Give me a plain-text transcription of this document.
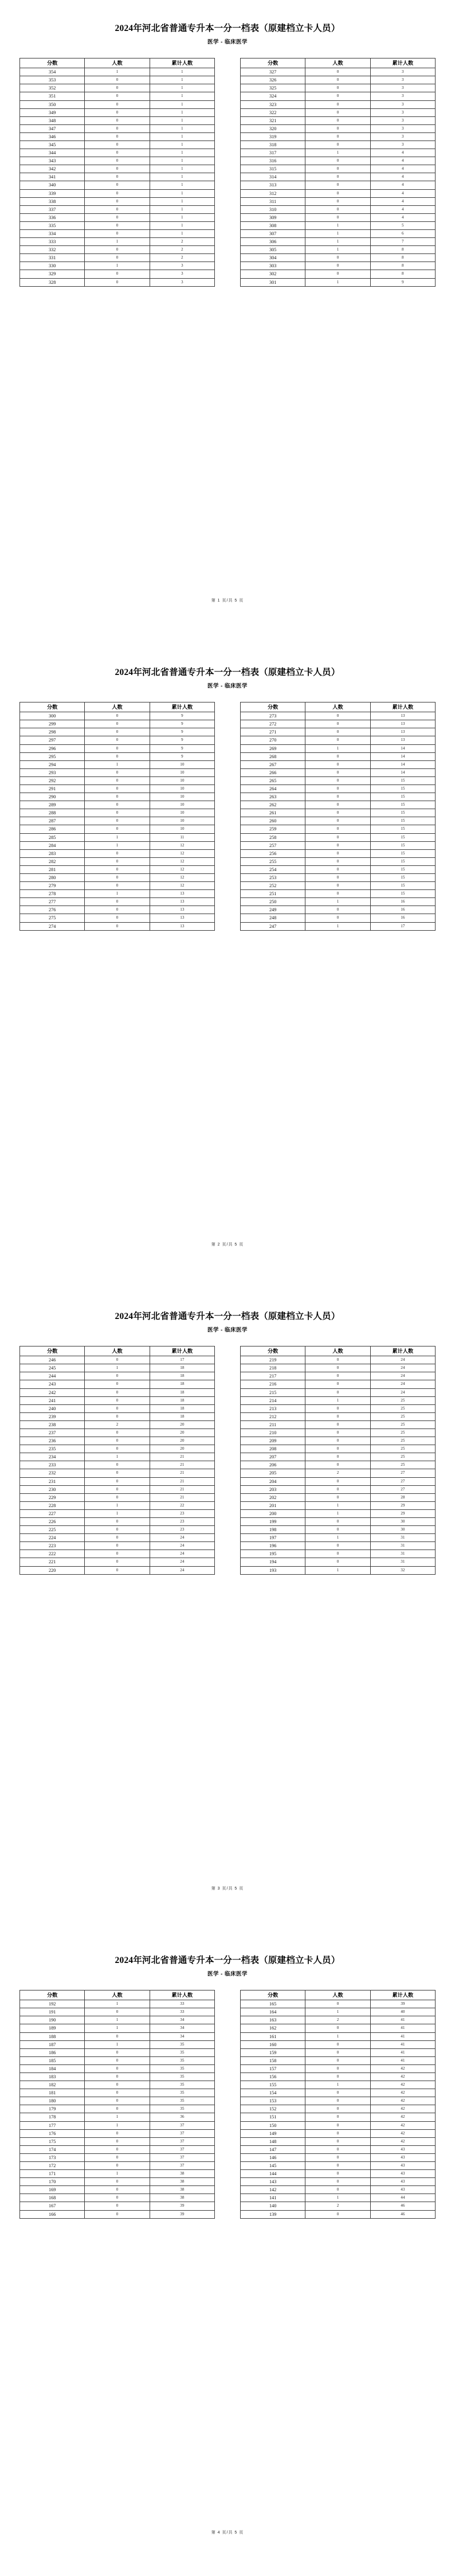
2024年河北省普通专升本一分一档表（原建档立卡人员）
医学 - 临床医学
分数	人数	累计人数
354	1	1
353	0	1
352	0	1
351	0	1
350	0	1
349	0	1
348	0	1
347	0	1
346	0	1
345	0	1
344	0	1
343	0	1
342	0	1
341	0	1
340	0	1
339	0	1
338	0	1
337	0	1
336	0	1
335	0	1
334	0	1
333	1	2
332	0	2
331	0	2
330	1	3
329	0	3
328	0	3
分数	人数	累计人数
327	0	3
326	0	3
325	0	3
324	0	3
323	0	3
322	0	3
321	0	3
320	0	3
319	0	3
318	0	3
317	1	4
316	0	4
315	0	4
314	0	4
313	0	4
312	0	4
311	0	4
310	0	4
309	0	4
308	1	5
307	1	6
306	1	7
305	1	8
304	0	8
303	0	8
302	0	8
301	1	9
第 1 页/共 5 页
2024年河北省普通专升本一分一档表（原建档立卡人员）
医学 - 临床医学
分数	人数	累计人数
300	0	9
299	0	9
298	0	9
297	0	9
296	0	9
295	0	9
294	1	10
293	0	10
292	0	10
291	0	10
290	0	10
289	0	10
288	0	10
287	0	10
286	0	10
285	1	11
284	1	12
283	0	12
282	0	12
281	0	12
280	0	12
279	0	12
278	1	13
277	0	13
276	0	13
275	0	13
274	0	13
分数	人数	累计人数
273	0	13
272	0	13
271	0	13
270	0	13
269	1	14
268	0	14
267	0	14
266	0	14
265	0	15
264	0	15
263	0	15
262	0	15
261	0	15
260	0	15
259	0	15
258	0	15
257	0	15
256	0	15
255	0	15
254	0	15
253	0	15
252	0	15
251	0	15
250	1	16
249	0	16
248	0	16
247	1	17
第 2 页/共 5 页
2024年河北省普通专升本一分一档表（原建档立卡人员）
医学 - 临床医学
分数	人数	累计人数
246	0	17
245	1	18
244	0	18
243	0	18
242	0	18
241	0	18
240	0	18
239	0	18
238	2	20
237	0	20
236	0	20
235	0	20
234	1	21
233	0	21
232	0	21
231	0	21
230	0	21
229	0	21
228	1	22
227	1	23
226	0	23
225	0	23
224	0	24
223	0	24
222	0	24
221	0	24
220	0	24
分数	人数	累计人数
219	0	24
218	0	24
217	0	24
216	0	24
215	0	24
214	1	25
213	0	25
212	0	25
211	0	25
210	0	25
209	0	25
208	0	25
207	0	25
206	0	25
205	2	27
204	0	27
203	0	27
202	0	28
201	1	29
200	1	29
199	0	30
198	0	30
197	1	31
196	0	31
195	0	31
194	0	31
193	1	32
第 3 页/共 5 页
2024年河北省普通专升本一分一档表（原建档立卡人员）
医学 - 临床医学
分数	人数	累计人数
192	1	33
191	0	33
190	1	34
189	1	34
188	0	34
187	1	35
186	0	35
185	0	35
184	0	35
183	0	35
182	0	35
181	0	35
180	0	35
179	0	35
178	1	36
177	1	37
176	0	37
175	0	37
174	0	37
173	0	37
172	0	37
171	1	38
170	0	38
169	0	38
168	0	38
167	0	39
166	0	39
分数	人数	累计人数
165	0	39
164	1	40
163	2	41
162	0	41
161	1	41
160	0	41
159	0	41
158	0	41
157	0	42
156	0	42
155	1	42
154	0	42
153	0	42
152	0	42
151	0	42
150	0	42
149	0	42
148	0	42
147	0	43
146	0	43
145	0	43
144	0	43
143	0	43
142	0	43
141	1	44
140	2	46
139	0	46
第 4 页/共 5 页
